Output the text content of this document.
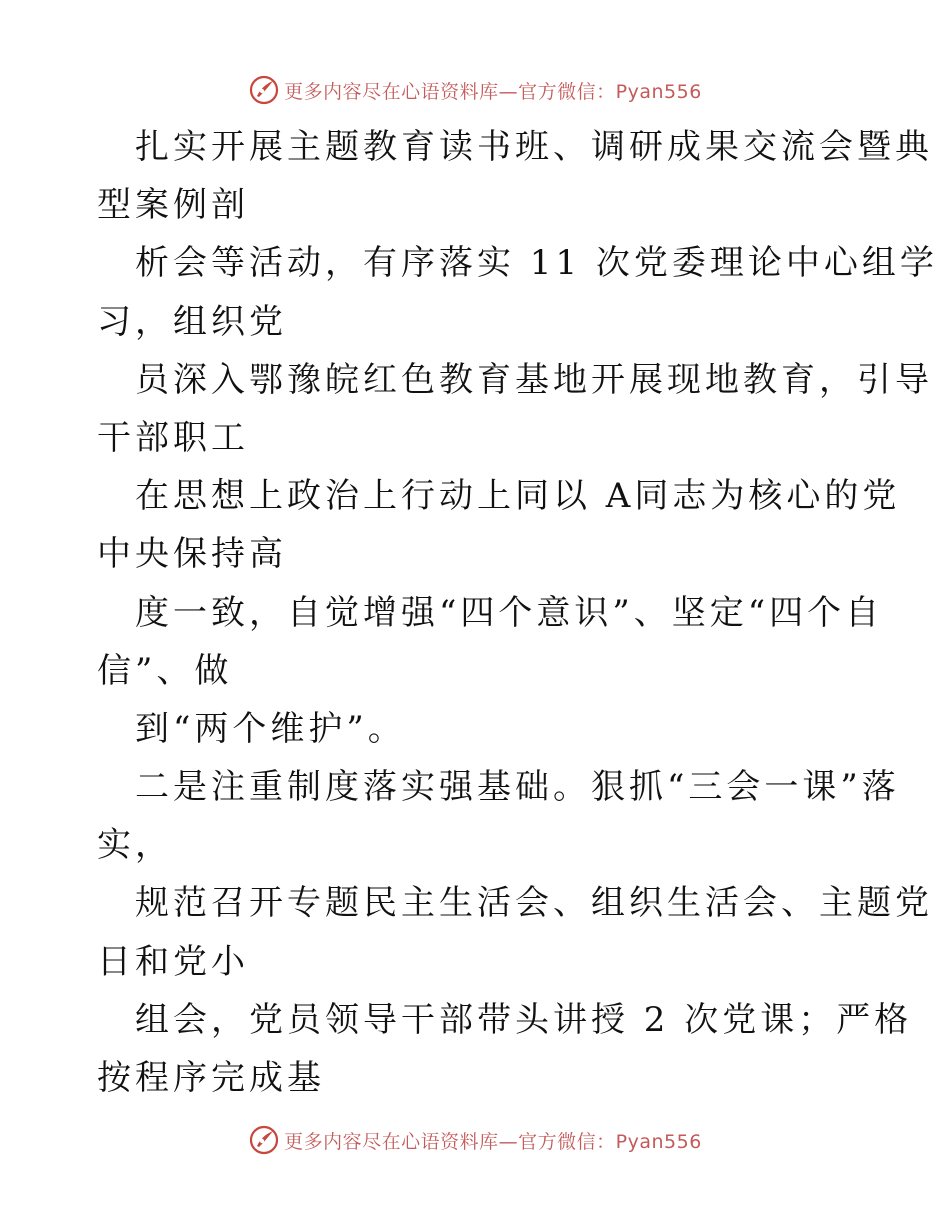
更多内容尽在心语资料库—官方微信：Pyan556
扎实开展主题教育读书班、调研成果交流会暨典
型案例剖
析会等活动，有序落实 11 次党委理论中心组学
习，组织党
员深入鄂豫皖红色教育基地开展现地教育，引导
干部职工
在思想上政治上行动上同以 A同志为核心的党
中央保持高
度一致，自觉增强“四个意识”、坚定“四个自
信”、做
到“两个维护”。
二是注重制度落实强基础。狠抓“三会一课”落
实，
规范召开专题民主生活会、组织生活会、主题党
日和党小
组会，党员领导干部带头讲授 2 次党课；严格
按程序完成基
更多内容尽在心语资料库—官方微信：Pyan556
